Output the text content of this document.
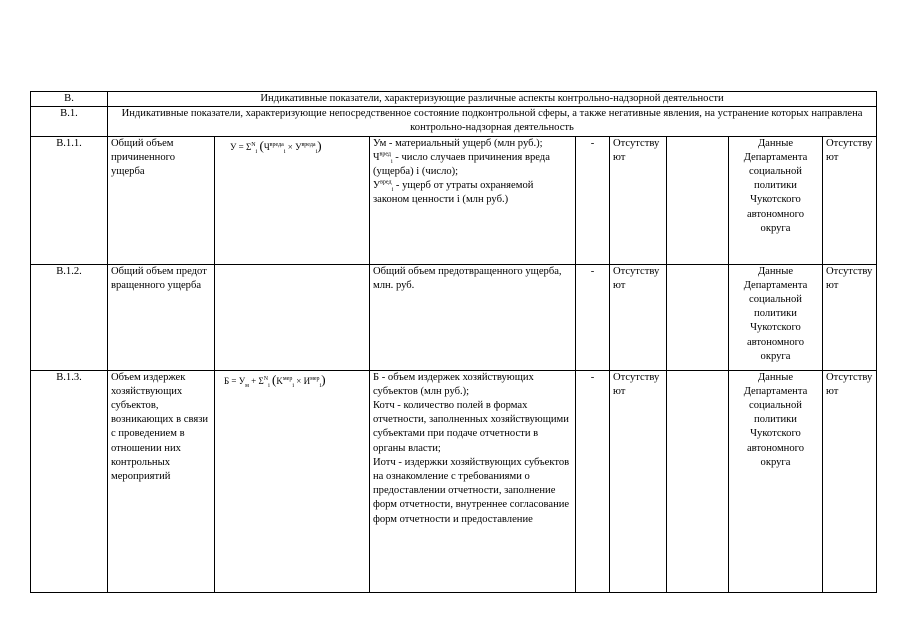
В.	Индикативные показатели, характеризующие различные аспекты контрольно-надзорной деятельности							
В.1.	Индикативные показатели, характеризующие непосредственное состояние подконтрольной сферы, а также негативные явления, на устранение которых направлена контрольно-надзорная деятельность							
В.1.1.	Общий объем причиненного ущерба	$У = \Sigma^N_i$ $(Ч^{вреда}_i \times У^{вреда}_i)$	Ум - материальный ущерб (млн руб.);
$Ч^{вред}_i$ - число случаев причинения вреда (ущерба) i (число);
$У^{вред}_i$ - ущерб от утраты охраняемой законом ценности i (млн руб.)	-	Отсутствуют		Данные Департамента социальной политики Чукотского автономного округа	Отсутствуют
В.1.2.	Общий объем предотвращенного ущерба		Общий объем предотвращенного ущерба, млн. руб.	-	Отсутствуют		Данные Департамента социальной политики Чукотского автономного округа	Отсутствуют
В.1.3.	Объем издержек хозяйствующих субъектов, возникающих в связи с проведением в отношении них контрольных мероприятий	$Б = У_м + \Sigma^N_i$ $(K^{мер}_i \times И^{мер}_i)$	Б - объем издержек хозяйствующих субъектов (млн руб.);
Котч - количество полей в формах отчетности, заполненных хозяйствующими субъектами при подаче отчетности в органы власти;
Иотч - издержки хозяйствующих субъектов на ознакомление с требованиями о предоставлении отчетности, заполнение форм отчетности, внутреннее согласование форм отчетности и предоставление	-	Отсутствуют		Данные Департамента социальной политики Чукотского автономного округа	Отсутствуют
